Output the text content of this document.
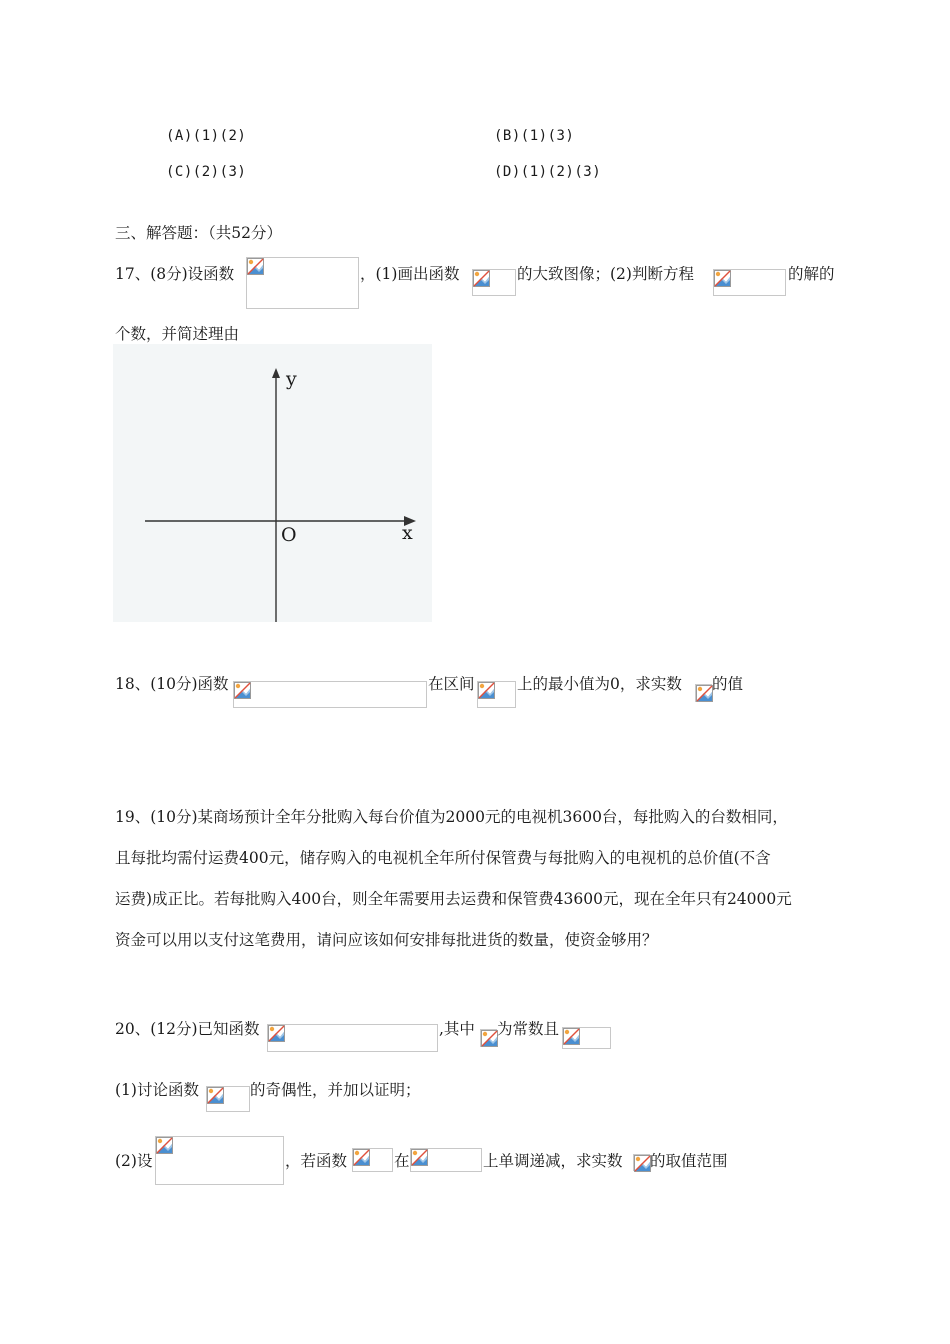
(A)(1)(2)	(B)(1)(3)
(C)(2)(3)	(D)(1)(2)(3)
三、解答题：（共52分）
17、(8分)设函数	，(1)画出函数	的大致图像；(2)判断方程	的解的
个数，并简述理由
y
x
O
18、(10分)函数	在区间	上的最小值为0，求实数 的值
19、(10分)某商场预计全年分批购入每台价值为2000元的电视机3600台，每批购入的台数相同，
且每批均需付运费400元，储存购入的电视机全年所付保管费与每批购入的电视机的总价值(不含
运费)成正比。若每批购入400台，则全年需要用去运费和保管费43600元，现在全年只有24000元
资金可以用以支付这笔费用，请问应该如何安排每批进货的数量，使资金够用？
20、(12分)已知函数	,其中 为常数且
(1)讨论函数	的奇偶性，并加以证明；
(2)设	，若函数	在	上单调递减，求实数 的取值范围
